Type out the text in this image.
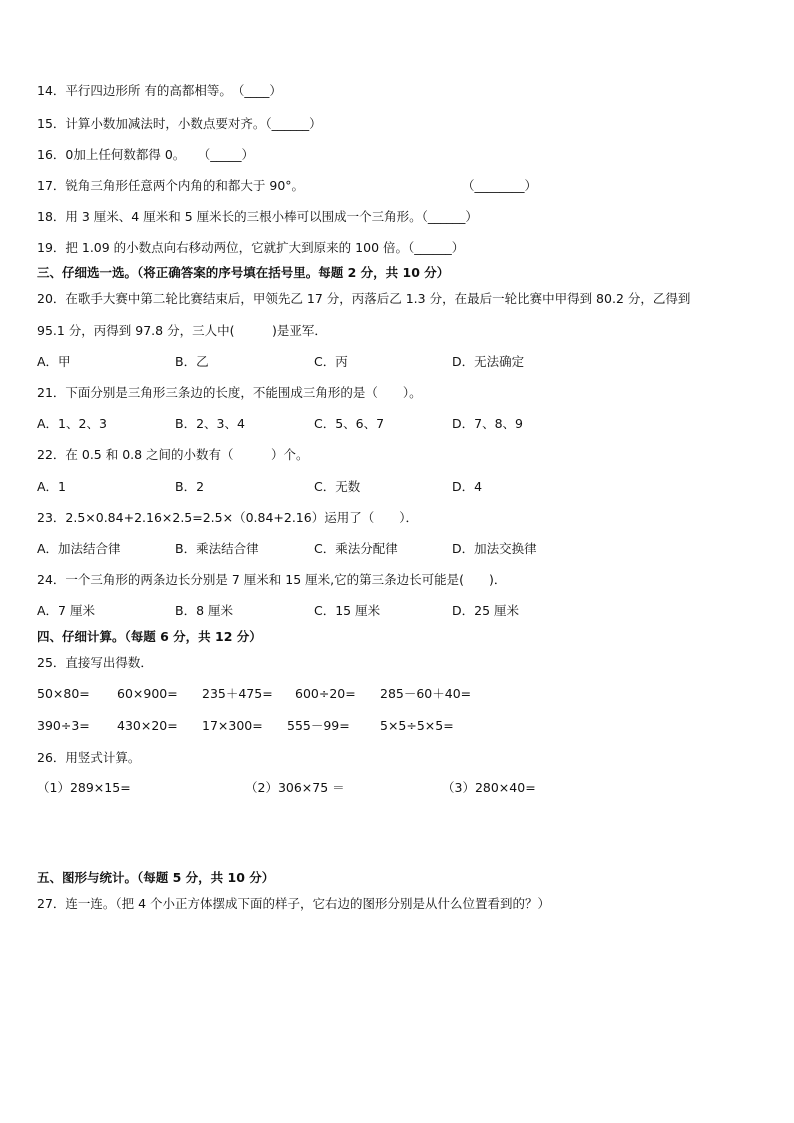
14．平行四边形所 有的高都相等。　（____）
15．计算小数加减法时，小数点要对齐。（______）
16．0加上任何数都得 0。　　（_____）
17．锐角三角形任意两个内角的和都大于 90°。	（________）
18．用 3 厘米、4 厘米和 5 厘米长的三根小棒可以围成一个三角形。（______）
19．把 1.09 的小数点向右移动两位，它就扩大到原来的 100 倍。（______）
三、仔细选一选。（将正确答案的序号填在括号里。每题 2 分，共 10 分）
20．在歌手大赛中第二轮比赛结束后，甲领先乙 17 分，丙落后乙 1.3 分，在最后一轮比赛中甲得到 80.2 分，乙得到
95.1 分，丙得到 97.8 分，三人中(　　　)是亚军．
A．甲	B．乙	C．丙	D．无法确定
21．下面分别是三角形三条边的长度，不能围成三角形的是（　　）。
A．1、2、3	B．2、3、4	C．5、6、7	D．7、8、9
22．在 0.5 和 0.8 之间的小数有（　　　）个。
A．1	B．2	C．无数	D．4
23．2.5×0.84+2.16×2.5=2.5×（0.84+2.16）运用了（　　）．
A．加法结合律	B．乘法结合律	C．乘法分配律	D．加法交换律
24．一个三角形的两条边长分别是 7 厘米和 15 厘米,它的第三条边长可能是(　　)．
A．7 厘米	B．8 厘米	C．15 厘米	D．25 厘米
四、仔细计算。（每题 6 分，共 12 分）
25．直接写出得数．
50×80= 60×900= 235＋475= 600÷20= 285－60＋40=
390÷3= 430×20= 17×300= 555－99= 5×5÷5×5=
26．用竖式计算。
（1）289×15=	（2）306×75 ＝	（3）280×40=
五、图形与统计。（每题 5 分，共 10 分）
27．连一连。（把 4 个小正方体摆成下面的样子，它右边的图形分别是从什么位置看到的？）
